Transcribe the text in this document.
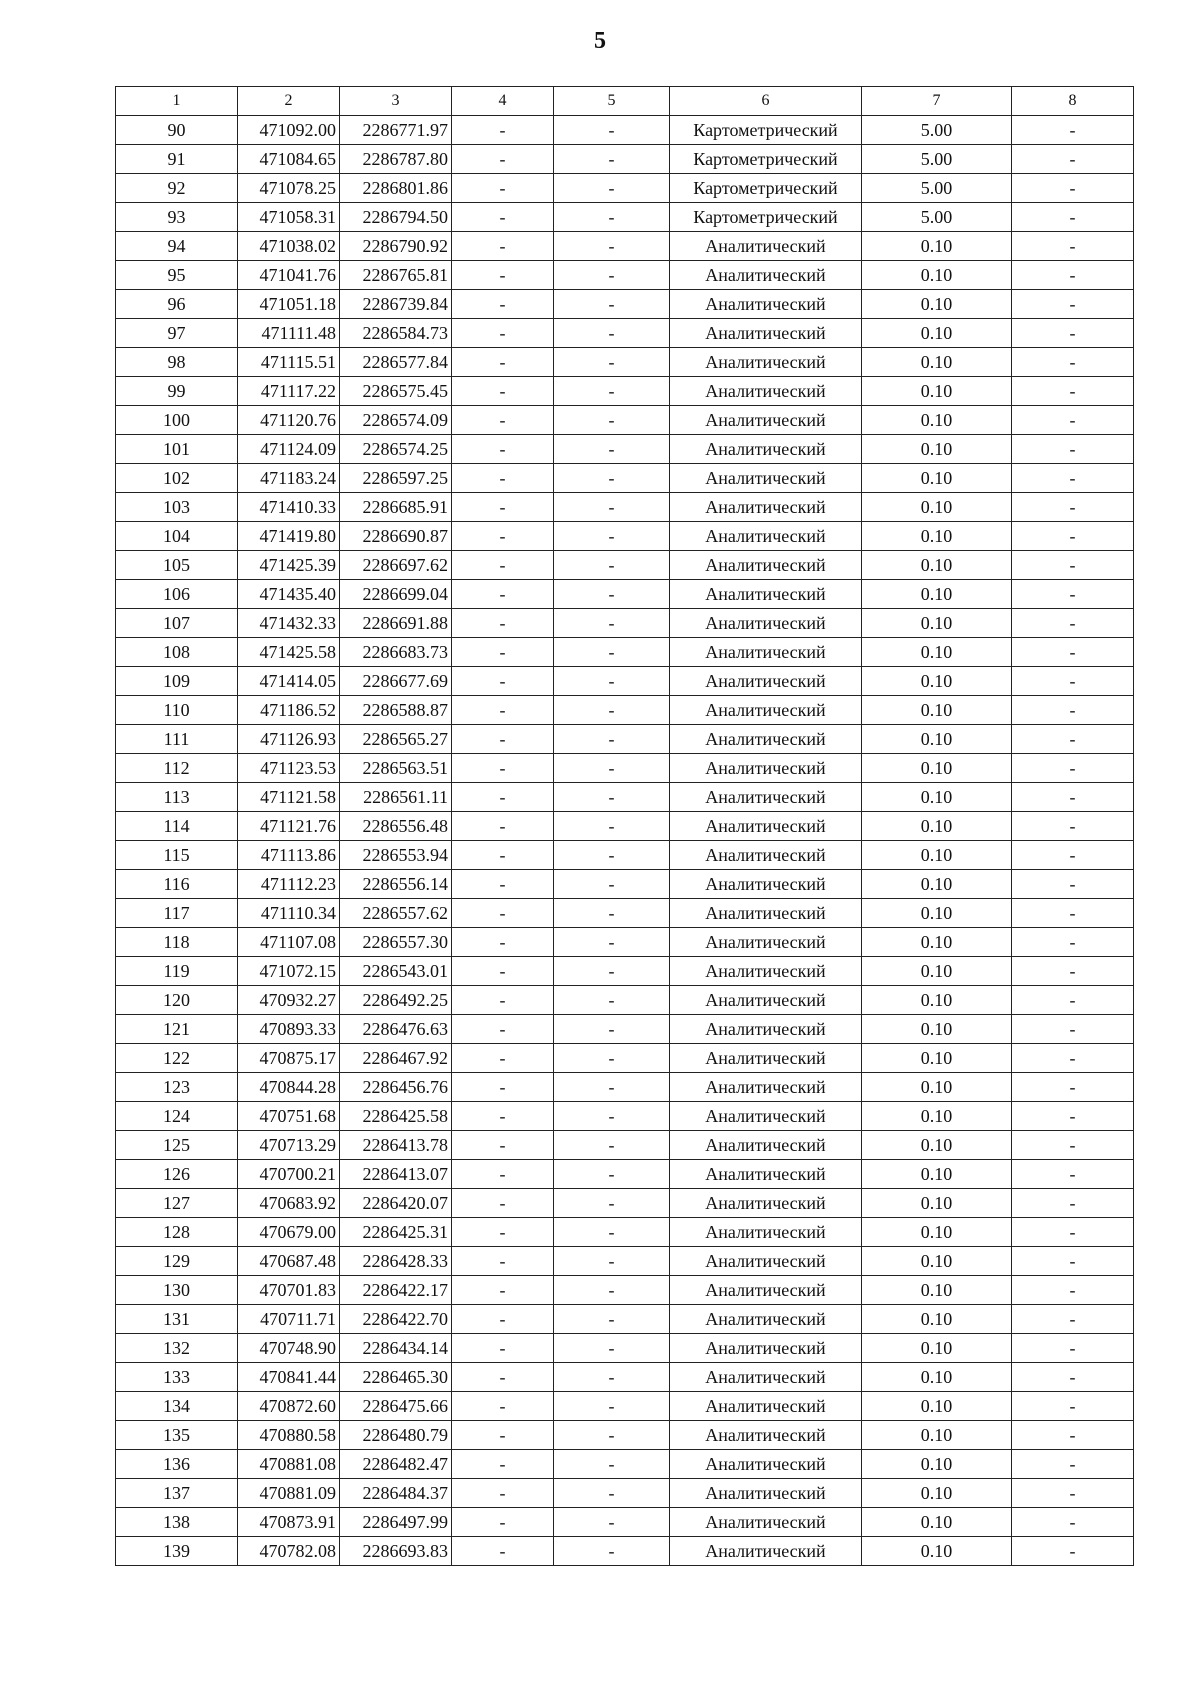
5
1	2	3	4	5	6	7	8
90	471092.00	2286771.97	-	-	Картометрический	5.00	-
91	471084.65	2286787.80	-	-	Картометрический	5.00	-
92	471078.25	2286801.86	-	-	Картометрический	5.00	-
93	471058.31	2286794.50	-	-	Картометрический	5.00	-
94	471038.02	2286790.92	-	-	Аналитический	0.10	-
95	471041.76	2286765.81	-	-	Аналитический	0.10	-
96	471051.18	2286739.84	-	-	Аналитический	0.10	-
97	471111.48	2286584.73	-	-	Аналитический	0.10	-
98	471115.51	2286577.84	-	-	Аналитический	0.10	-
99	471117.22	2286575.45	-	-	Аналитический	0.10	-
100	471120.76	2286574.09	-	-	Аналитический	0.10	-
101	471124.09	2286574.25	-	-	Аналитический	0.10	-
102	471183.24	2286597.25	-	-	Аналитический	0.10	-
103	471410.33	2286685.91	-	-	Аналитический	0.10	-
104	471419.80	2286690.87	-	-	Аналитический	0.10	-
105	471425.39	2286697.62	-	-	Аналитический	0.10	-
106	471435.40	2286699.04	-	-	Аналитический	0.10	-
107	471432.33	2286691.88	-	-	Аналитический	0.10	-
108	471425.58	2286683.73	-	-	Аналитический	0.10	-
109	471414.05	2286677.69	-	-	Аналитический	0.10	-
110	471186.52	2286588.87	-	-	Аналитический	0.10	-
111	471126.93	2286565.27	-	-	Аналитический	0.10	-
112	471123.53	2286563.51	-	-	Аналитический	0.10	-
113	471121.58	2286561.11	-	-	Аналитический	0.10	-
114	471121.76	2286556.48	-	-	Аналитический	0.10	-
115	471113.86	2286553.94	-	-	Аналитический	0.10	-
116	471112.23	2286556.14	-	-	Аналитический	0.10	-
117	471110.34	2286557.62	-	-	Аналитический	0.10	-
118	471107.08	2286557.30	-	-	Аналитический	0.10	-
119	471072.15	2286543.01	-	-	Аналитический	0.10	-
120	470932.27	2286492.25	-	-	Аналитический	0.10	-
121	470893.33	2286476.63	-	-	Аналитический	0.10	-
122	470875.17	2286467.92	-	-	Аналитический	0.10	-
123	470844.28	2286456.76	-	-	Аналитический	0.10	-
124	470751.68	2286425.58	-	-	Аналитический	0.10	-
125	470713.29	2286413.78	-	-	Аналитический	0.10	-
126	470700.21	2286413.07	-	-	Аналитический	0.10	-
127	470683.92	2286420.07	-	-	Аналитический	0.10	-
128	470679.00	2286425.31	-	-	Аналитический	0.10	-
129	470687.48	2286428.33	-	-	Аналитический	0.10	-
130	470701.83	2286422.17	-	-	Аналитический	0.10	-
131	470711.71	2286422.70	-	-	Аналитический	0.10	-
132	470748.90	2286434.14	-	-	Аналитический	0.10	-
133	470841.44	2286465.30	-	-	Аналитический	0.10	-
134	470872.60	2286475.66	-	-	Аналитический	0.10	-
135	470880.58	2286480.79	-	-	Аналитический	0.10	-
136	470881.08	2286482.47	-	-	Аналитический	0.10	-
137	470881.09	2286484.37	-	-	Аналитический	0.10	-
138	470873.91	2286497.99	-	-	Аналитический	0.10	-
139	470782.08	2286693.83	-	-	Аналитический	0.10	-
